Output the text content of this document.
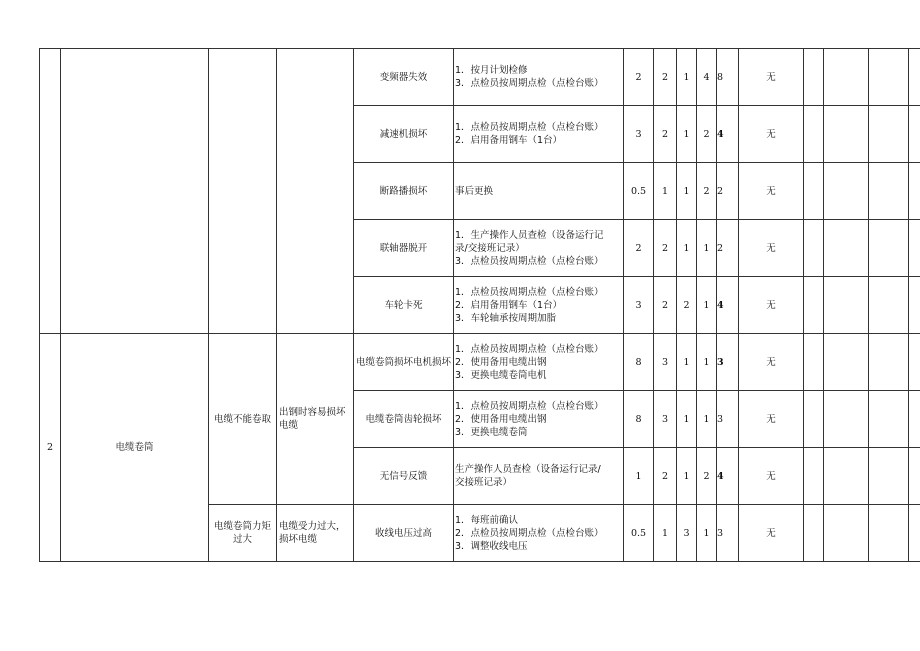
				变频器失效	1．按月计划检修
3．点检员按周期点检（点检台账）	2	2	1	4	8	无						
				减速机损坏	1．点检员按周期点检（点检台账）
2．启用备用钢车（1台）	3	2	1	2	4	无						
				断路播损坏	事后更换	0.5	1	1	2	2	无						
				联轴器脱开	1．生产操作人员查检（设备运行记
录/交接班记录）
3．点检员按周期点检（点检台账）	2	2	1	1	2	无						
				车轮卡死	1．点检员按周期点检（点检台账）
2．启用备用钢车（1台）
3．车轮轴承按周期加脂	3	2	2	1	4	无						
2	电缆卷筒	电缆不能卷取	出钢时容易损坏电缆	电缆卷筒损坏电机损坏	1．点检员按周期点检（点检台账）
2．使用备用电缆出钢
3．更换电缆卷筒电机	8	3	1	1	3	无						
				电缆卷筒齿轮损坏	1．点检员按周期点检（点检台账）
2．使用备用电缆出钢
3．更换电缆卷筒	8	3	1	1	3	无						
				无信号反馈	生产操作人员查检（设备运行记录/
交接班记录）	1	2	1	2	4	无						
		电缆卷筒力矩过大	电缆受力过大，损坏电缆	收线电压过高	1．每班前确认
2．点检员按周期点检（点检台账）
3．调整收线电压	0.5	1	3	1	3	无						
